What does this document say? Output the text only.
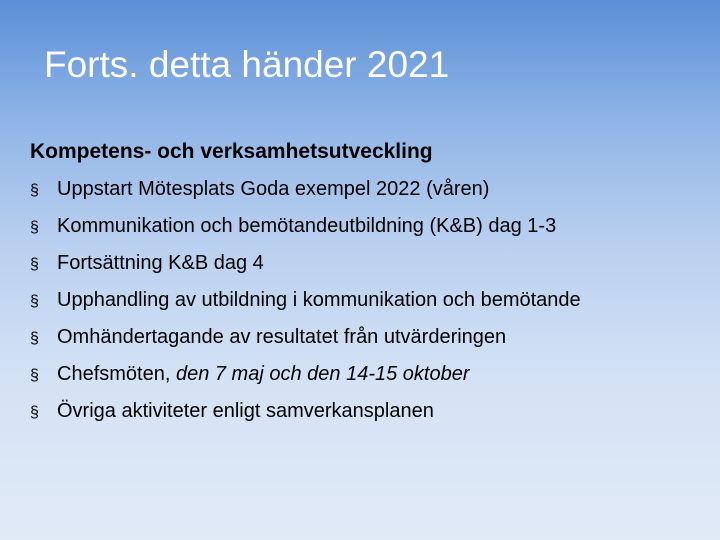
Forts. detta händer 2021
Kompetens- och verksamhetsutveckling
§ Uppstart Mötesplats Goda exempel 2022 (våren)
§ Kommunikation och bemötandeutbildning (K&B) dag 1-3
§ Fortsättning K&B dag 4
§ Upphandling av utbildning i kommunikation och bemötande
§ Omhändertagande av resultatet från utvärderingen
§ Chefsmöten, den 7 maj och den 14-15 oktober
§ Övriga aktiviteter enligt samverkansplanen
